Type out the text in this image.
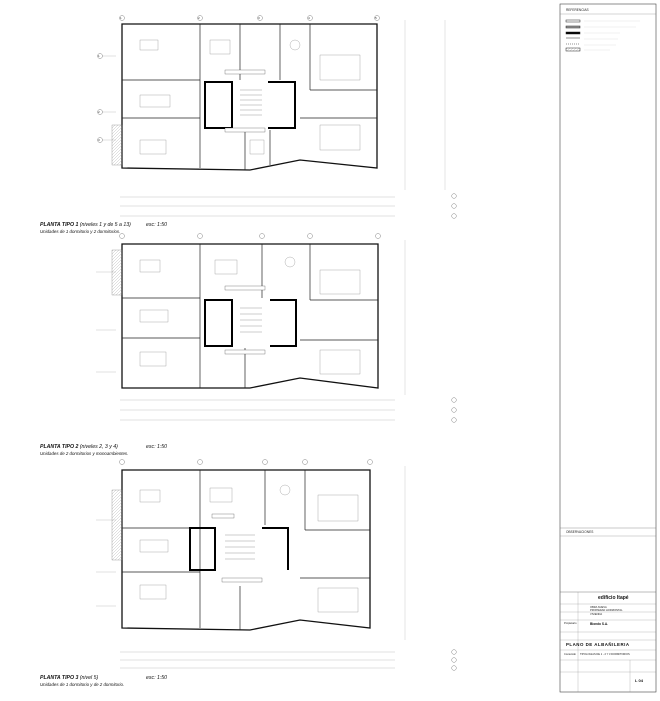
PLANTA TIPO 1 (niveles 1 y de 5 a 13)	esc: 1:50
Unidades de 1 dormitorio y 2 dormitorios.
PLANTA TIPO 2 (niveles 2, 3 y 4)	esc: 1:50
Unidades de 2 dormitorios y monoambientes.
PLANTA TIPO 3 (nivel 5)	esc: 1:50
Unidades de 1 dormitorio y de 2 dormitorio.
1	2	3	4	5
1
2
3
REFERENCIAS
OBSERVACIONES
edificio Itapé
OBRA NUEVA
PROPIEDAD HORIZONTAL
VIVIENDA
Propietario	Biondo S.A.
PLANO DE ALBAÑILERIA
Contenido TIPOLOGIAS DE 1 - 2 Y 3 DORMITORIOS
L 04
